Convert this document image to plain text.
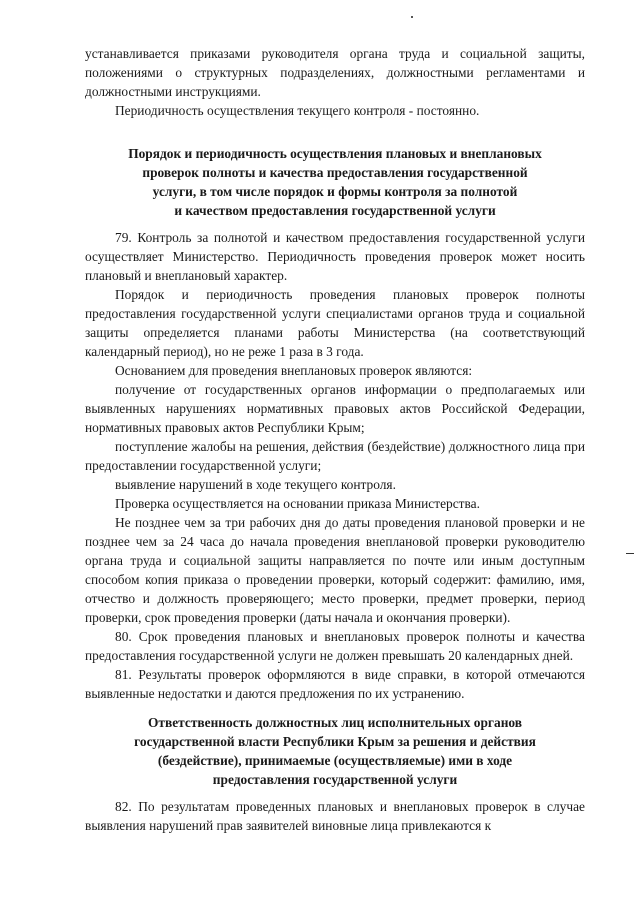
устанавливается приказами руководителя органа труда и социальной защиты, положениями о структурных подразделениях, должностными регламентами и должностными инструкциями.

Периодичность осуществления текущего контроля - постоянно.

Порядок и периодичность осуществления плановых и внеплановых

проверок полноты и качества предоставления государственной

услуги, в том числе порядок и формы контроля за полнотой

и качеством предоставления государственной услуги

79. Контроль за полнотой и качеством предоставления государственной услуги осуществляет Министерство. Периодичность проведения проверок может носить плановый и внеплановый характер.

Порядок и периодичность проведения плановых проверок полноты предоставления государственной услуги специалистами органов труда и социальной защиты определяется планами работы Министерства (на соответствующий календарный период), но не реже 1 раза в 3 года.

Основанием для проведения внеплановых проверок являются:

получение от государственных органов информации о предполагаемых или выявленных нарушениях нормативных правовых актов Российской Федерации, нормативных правовых актов Республики Крым;

поступление жалобы на решения, действия (бездействие) должностного лица при предоставлении государственной услуги;

выявление нарушений в ходе текущего контроля.

Проверка осуществляется на основании приказа Министерства.

Не позднее чем за три рабочих дня до даты проведения плановой проверки и не позднее чем за 24 часа до начала проведения внеплановой проверки руководителю органа труда и социальной защиты направляется по почте или иным доступным способом копия приказа о проведении проверки, который содержит: фамилию, имя, отчество и должность проверяющего; место проверки, предмет проверки, период проверки, срок проведения проверки (даты начала и окончания проверки).

80. Срок проведения плановых и внеплановых проверок полноты и качества предоставления государственной услуги не должен превышать 20 календарных дней.

81. Результаты проверок оформляются в виде справки, в которой отмечаются выявленные недостатки и даются предложения по их устранению.

Ответственность должностных лиц исполнительных органов

государственной власти Республики Крым за решения и действия

(бездействие), принимаемые (осуществляемые) ими в ходе

предоставления государственной услуги

82. По результатам проведенных плановых и внеплановых проверок в случае выявления нарушений прав заявителей виновные лица привлекаются к
